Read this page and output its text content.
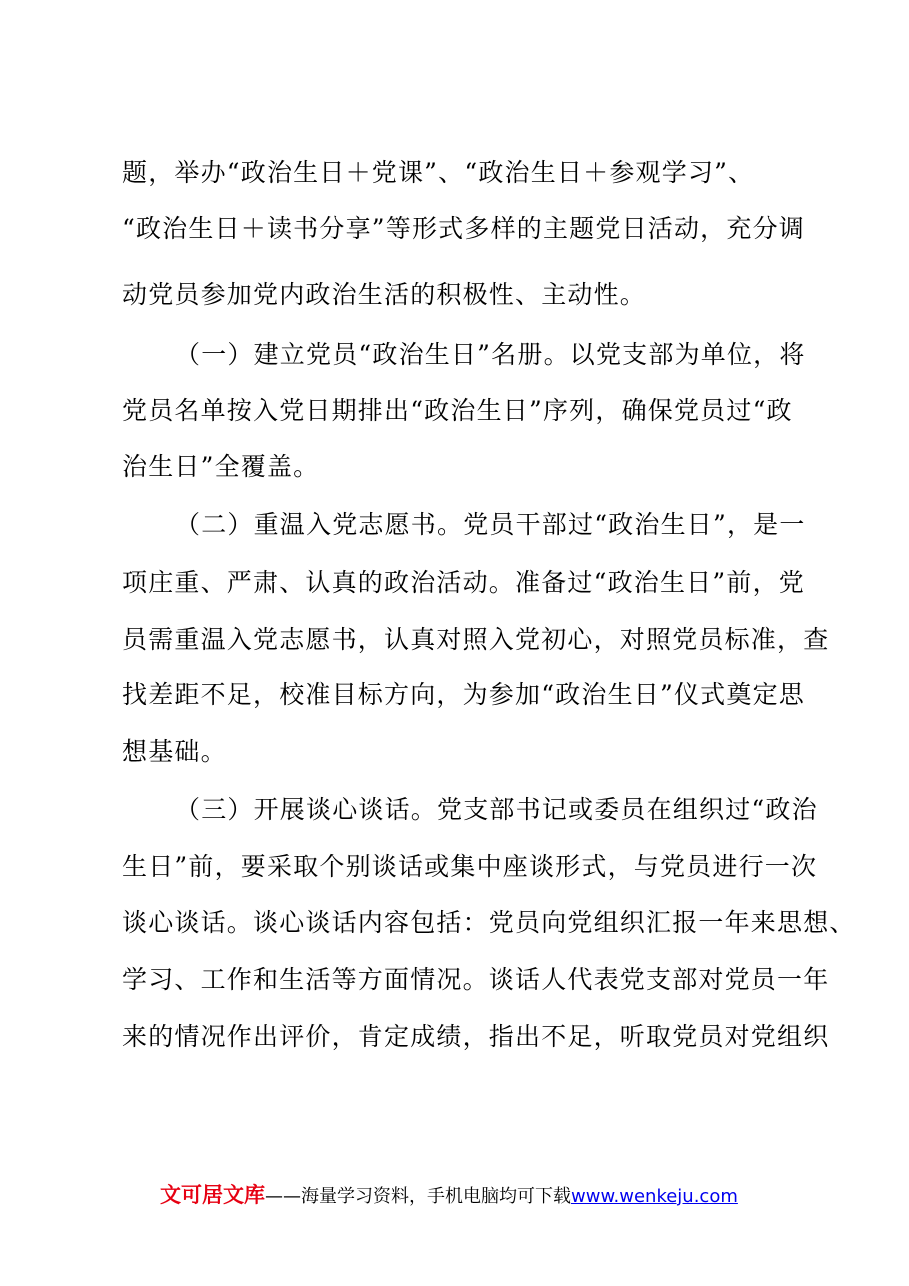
题，举办“政治生日＋党课”、“政治生日＋参观学习”、
“政治生日＋读书分享”等形式多样的主题党日活动，充分调
动党员参加党内政治生活的积极性、主动性。
（一）建立党员“政治生日”名册。以党支部为单位，将
党员名单按入党日期排出“政治生日”序列，确保党员过“政
治生日”全覆盖。
（二）重温入党志愿书。党员干部过“政治生日”，是一
项庄重、严肃、认真的政治活动。准备过“政治生日”前，党
员需重温入党志愿书，认真对照入党初心，对照党员标准，查
找差距不足，校准目标方向，为参加“政治生日”仪式奠定思
想基础。
（三）开展谈心谈话。党支部书记或委员在组织过“政治
生日”前，要采取个别谈话或集中座谈形式，与党员进行一次
谈心谈话。谈心谈话内容包括：党员向党组织汇报一年来思想、
学习、工作和生活等方面情况。谈话人代表党支部对党员一年
来的情况作出评价，肯定成绩，指出不足，听取党员对党组织
文可居文库——海量学习资料，手机电脑均可下载www.wenkeju.com
